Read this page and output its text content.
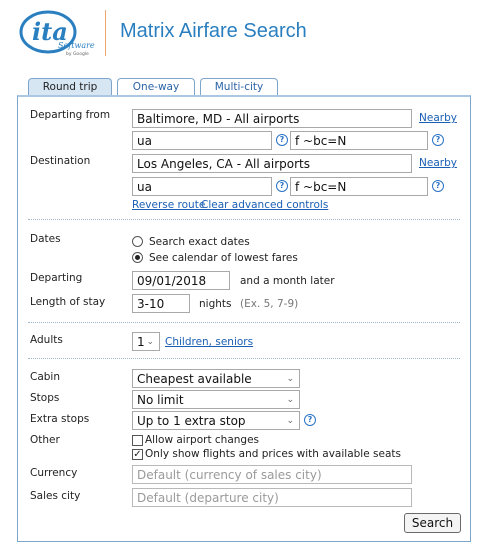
ita
Software
by Google
Matrix Airfare Search
Round trip	One-way	Multi-city
Departing from	Baltimore, MD - All airports	Nearby
ua	? f ~bc=N	?
Destination	Los Angeles, CA - All airports	Nearby
ua	? f ~bc=N	?
Reverse route
Clear advanced controls
Dates	Search exact dates
See calendar of lowest fares
Departing	09/01/2018	and a month later
Length of stay	3-10	nights (Ex. 5, 7-9)
Adults	1 ⌄ Children, seniors
Cabin	Cheapest available	⌄
Stops	No limit	⌄
Extra stops	Up to 1 extra stop	⌄	?
Other	Allow airport changes
✓ Only show flights and prices with available seats
Currency	Default (currency of sales city)
Sales city	Default (departure city)
Search
